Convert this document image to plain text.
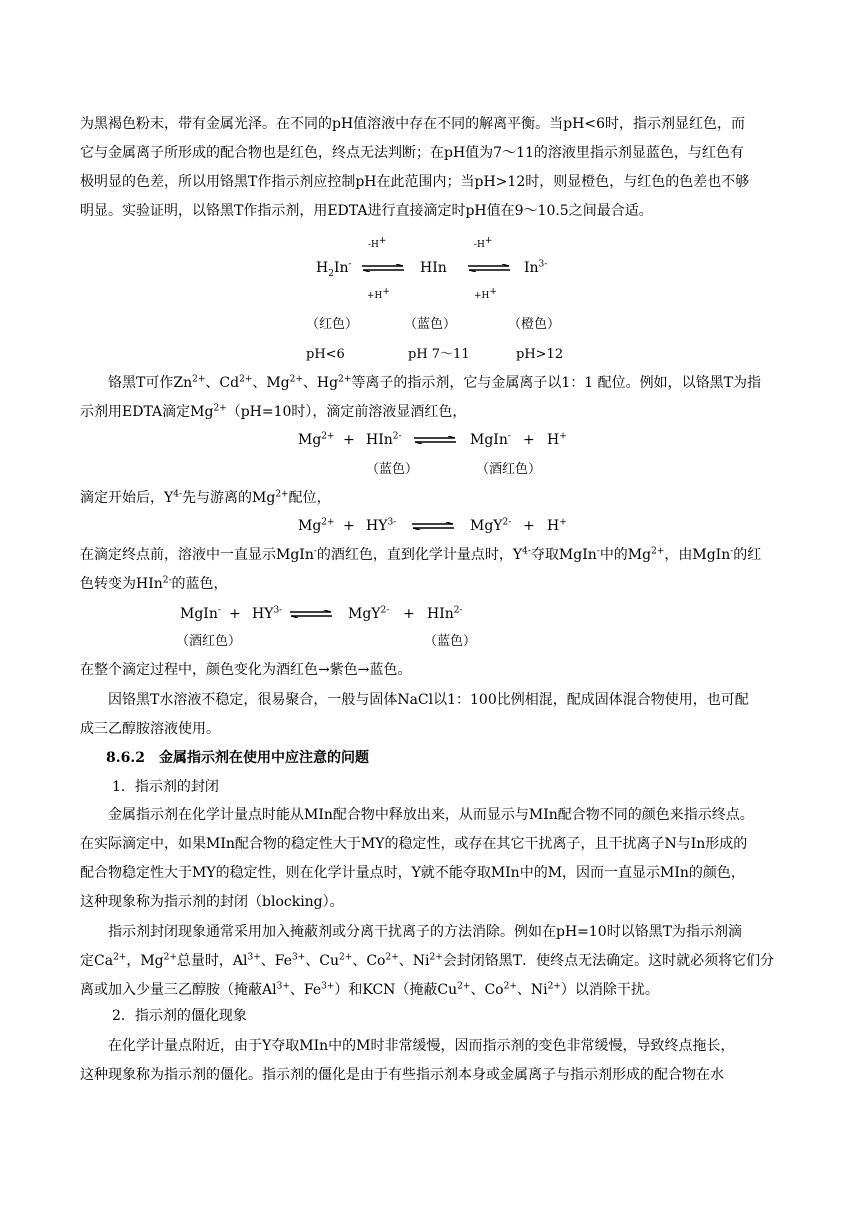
为黑褐色粉末，带有金属光泽。在不同的pH值溶液中存在不同的解离平衡。当pH<6时，指示剂显红色，而
它与金属离子所形成的配合物也是红色，终点无法判断；在pH值为7～11的溶液里指示剂显蓝色，与红色有
极明显的色差，所以用铬黑T作指示剂应控制pH在此范围内；当pH>12时，则显橙色，与红色的色差也不够
明显。实验证明，以铬黑T作指示剂，用EDTA进行直接滴定时pH值在9～10.5之间最合适。
-H+	-H+
$H_2In^-$ ⇌ HIn ⇌ $In^{3-}$
+H+	+H+
（红色）	（蓝色）	（橙色）
pH<6	pH 7～11	pH>12
铬黑T可作$Zn^{2+}$、$Cd^{2+}$、$Mg^{2+}$、$Hg^{2+}$等离子的指示剂，它与金属离子以1：1 配位。例如，以铬黑T为指
示剂用EDTA滴定$Mg^{2+}(pH=10$时），滴定前溶液显酒红色，
$Mg^{2+} + HIn^{2-}$ ⇌ MgIn- + H+
（蓝色）	（酒红色）
滴定开始后，$Y^{4-}$先与游离的$Mg^{2+}$配位，
$Mg^{2+} + HY^{3-}$ ⇌ MgY$^{2-}$ + H+
在滴定终点前，溶液中一直显示MgIn-的酒红色，直到化学计量点时，$Y^{4-}$夺取MgIn-中的$Mg^{2+}$，由MgIn-的红
色转变为HIn$^{2-}$的蓝色，
MgIn- + $HY^{3-}$ ⇌ MgY$^{2-}$ + HIn$^{2-}$
（酒红色）	（蓝色）
在整个滴定过程中，颜色变化为酒红色→紫色→蓝色。
因铬黑T水溶液不稳定，很易聚合，一般与固体NaCl以1：100比例相混，配成固体混合物使用，也可配
成三乙醇胺溶液使用。
8.6.2　金属指示剂在使用中应注意的问题
1．指示剂的封闭
金属指示剂在化学计量点时能从MIn配合物中释放出来，从而显示与MIn配合物不同的颜色来指示终点。
在实际滴定中，如果MIn配合物的稳定性大于MY的稳定性，或存在其它干扰离子，且干扰离子N与In形成的
配合物稳定性大于MY的稳定性，则在化学计量点时，Y就不能夺取MIn中的M，因而一直显示MIn的颜色，
这种现象称为指示剂的封闭（blocking）。
指示剂封闭现象通常采用加入掩蔽剂或分离干扰离子的方法消除。例如在pH=10时以铬黑T为指示剂滴
定$Ca^{2+}$，$Mg^{2+}$总量时，$Al^{3+}$、$Fe^{3+}$、$Cu^{2+}$、$Co^{2+}$、$Ni^{2+}$会封闭铬黑T．使终点无法确定。这时就必须将它们分
离或加入少量三乙醇胺（掩蔽$Al^{3+}$、$Fe^{3+}$）和KCN（掩蔽$Cu^{2+}$、$Co^{2+}$、$Ni^{2+}$）以消除干扰。
2．指示剂的僵化现象
在化学计量点附近，由于Y夺取MIn中的M时非常缓慢，因而指示剂的变色非常缓慢，导致终点拖长，
这种现象称为指示剂的僵化。指示剂的僵化是由于有些指示剂本身或金属离子与指示剂形成的配合物在水
